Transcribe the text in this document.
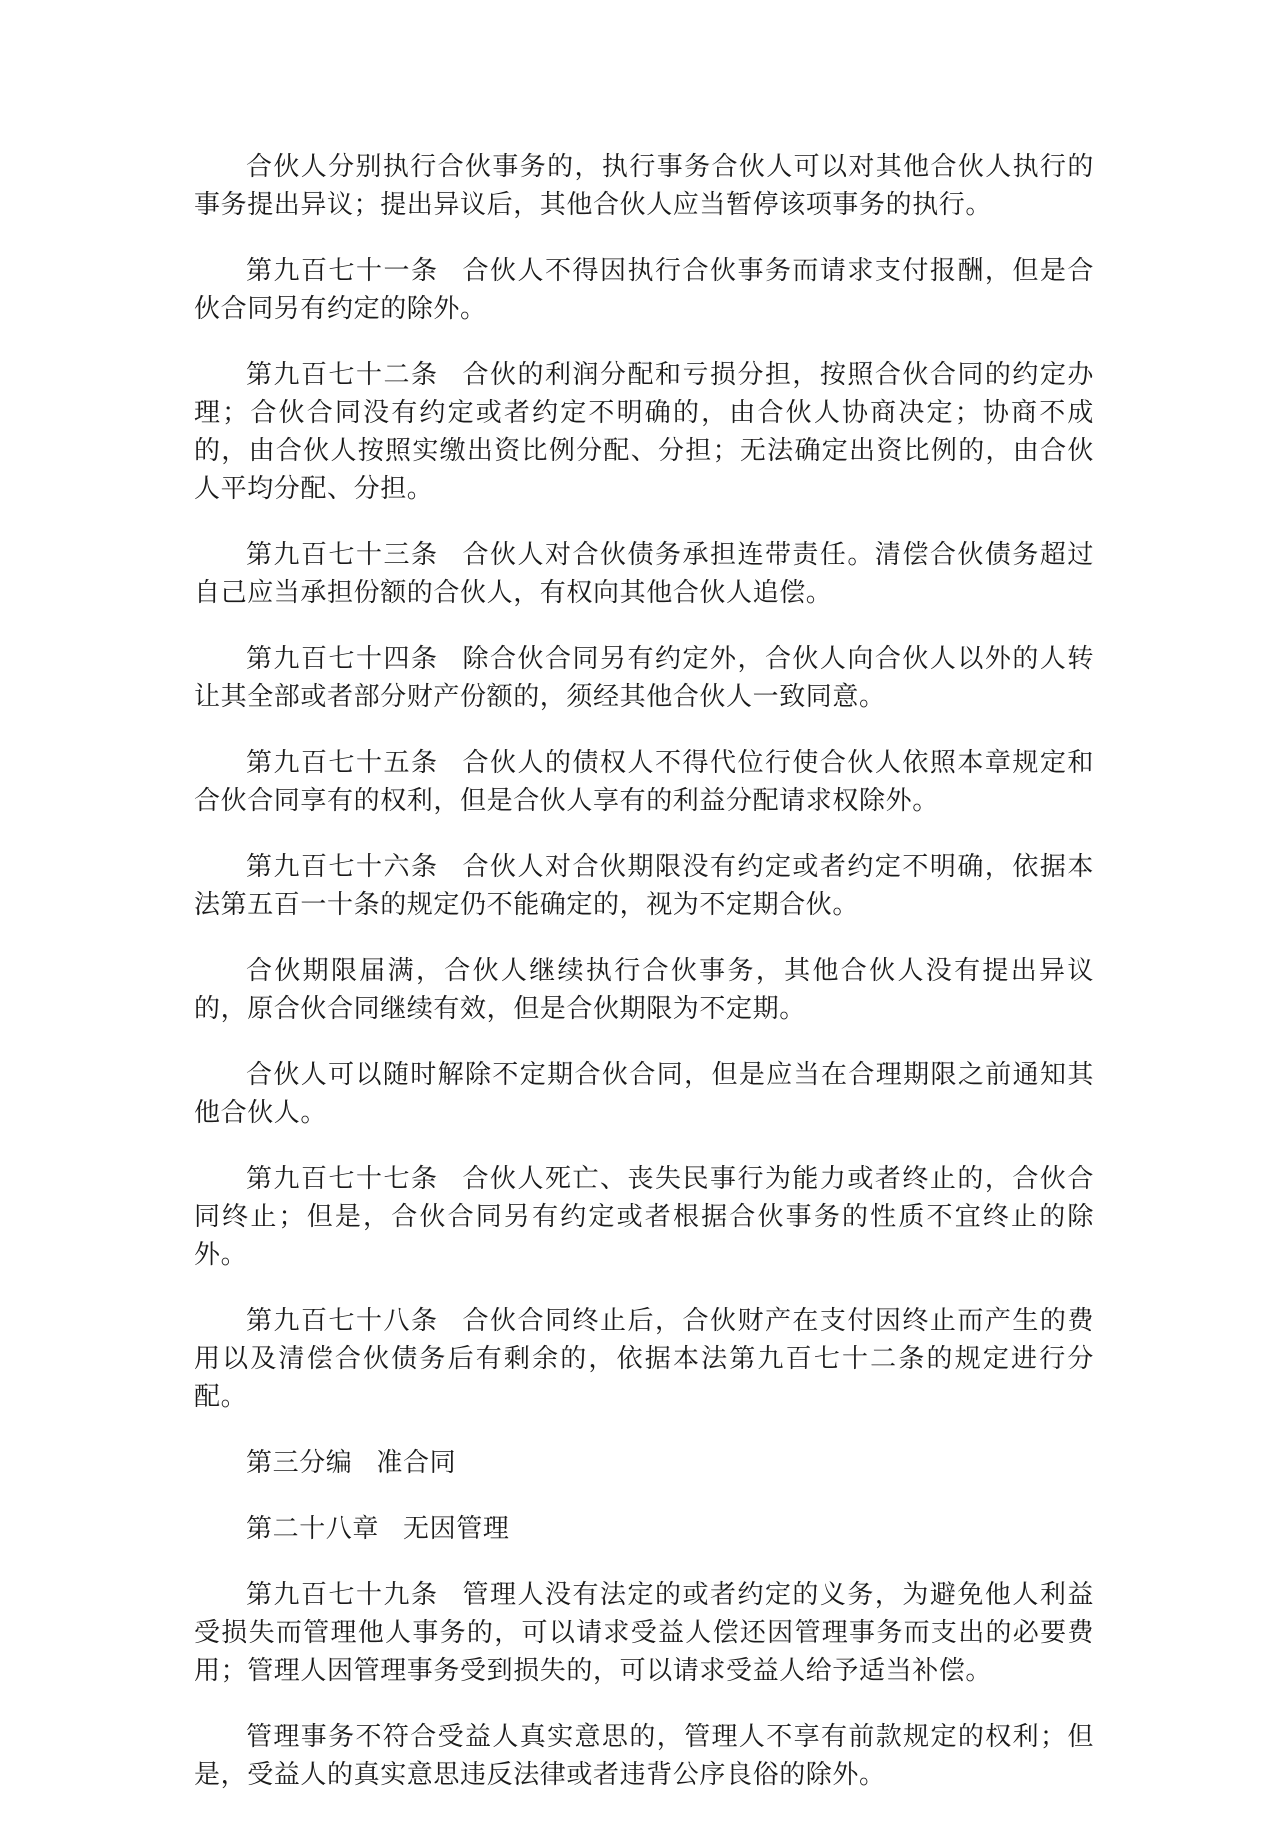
合伙人分别执行合伙事务的，执行事务合伙人可以对其他合伙人执行的事务提出异议；提出异议后，其他合伙人应当暂停该项事务的执行。

第九百七十一条 合伙人不得因执行合伙事务而请求支付报酬，但是合伙合同另有约定的除外。

第九百七十二条 合伙的利润分配和亏损分担，按照合伙合同的约定办理；合伙合同没有约定或者约定不明确的，由合伙人协商决定；协商不成的，由合伙人按照实缴出资比例分配、分担；无法确定出资比例的，由合伙人平均分配、分担。

第九百七十三条 合伙人对合伙债务承担连带责任。清偿合伙债务超过自己应当承担份额的合伙人，有权向其他合伙人追偿。

第九百七十四条 除合伙合同另有约定外，合伙人向合伙人以外的人转让其全部或者部分财产份额的，须经其他合伙人一致同意。

第九百七十五条 合伙人的债权人不得代位行使合伙人依照本章规定和合伙合同享有的权利，但是合伙人享有的利益分配请求权除外。

第九百七十六条 合伙人对合伙期限没有约定或者约定不明确，依据本法第五百一十条的规定仍不能确定的，视为不定期合伙。

合伙期限届满，合伙人继续执行合伙事务，其他合伙人没有提出异议的，原合伙合同继续有效，但是合伙期限为不定期。

合伙人可以随时解除不定期合伙合同，但是应当在合理期限之前通知其他合伙人。

第九百七十七条 合伙人死亡、丧失民事行为能力或者终止的，合伙合同终止；但是，合伙合同另有约定或者根据合伙事务的性质不宜终止的除外。

第九百七十八条 合伙合同终止后，合伙财产在支付因终止而产生的费用以及清偿合伙债务后有剩余的，依据本法第九百七十二条的规定进行分配。

第三分编 准合同

第二十八章 无因管理

第九百七十九条 管理人没有法定的或者约定的义务，为避免他人利益受损失而管理他人事务的，可以请求受益人偿还因管理事务而支出的必要费用；管理人因管理事务受到损失的，可以请求受益人给予适当补偿。

管理事务不符合受益人真实意思的，管理人不享有前款规定的权利；但是，受益人的真实意思违反法律或者违背公序良俗的除外。
